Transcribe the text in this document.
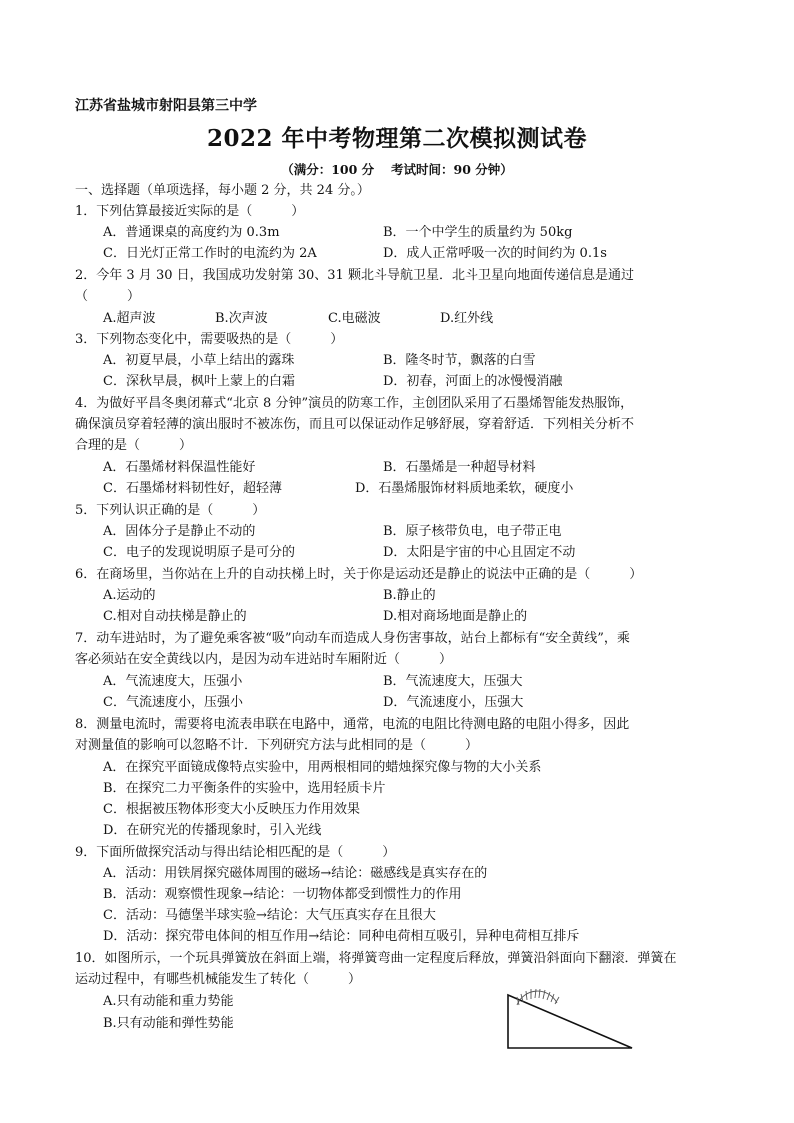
江苏省盐城市射阳县第三中学
2022 年中考物理第二次模拟测试卷
（满分：100 分　 考试时间：90 分钟）
一、选择题（单项选择，每小题 2 分，共 24 分。）
1．下列估算最接近实际的是（　　　）
A．普通课桌的高度约为 0.3m	B．一个中学生的质量约为 50kg
C．日光灯正常工作时的电流约为 2A	D．成人正常呼吸一次的时间约为 0.1s
2．今年 3 月 30 日，我国成功发射第 30、31 颗北斗导航卫星．北斗卫星向地面传递信息是通过
（　　　）
A.超声波	B.次声波	C.电磁波	D.红外线
3．下列物态变化中，需要吸热的是（　　　）
A．初夏早晨，小草上结出的露珠	B．隆冬时节，飘落的白雪
C．深秋早晨，枫叶上蒙上的白霜	D．初春，河面上的冰慢慢消融
4．为做好平昌冬奥闭幕式“北京 8 分钟”演员的防寒工作，主创团队采用了石墨烯智能发热服饰，
确保演员穿着轻薄的演出服时不被冻伤，而且可以保证动作足够舒展，穿着舒适．下列相关分析不
合理的是（　　　）
A．石墨烯材料保温性能好	B．石墨烯是一种超导材料
C．石墨烯材料韧性好，超轻薄	D．石墨烯服饰材料质地柔软，硬度小
5．下列认识正确的是（　　　）
A．固体分子是静止不动的	B．原子核带负电，电子带正电
C．电子的发现说明原子是可分的	D．太阳是宇宙的中心且固定不动
6．在商场里，当你站在上升的自动扶梯上时，关于你是运动还是静止的说法中正确的是（　　　）
A.运动的	B.静止的
C.相对自动扶梯是静止的	D.相对商场地面是静止的
7．动车进站时，为了避免乘客被“吸”向动车而造成人身伤害事故，站台上都标有“安全黄线”，乘
客必须站在安全黄线以内，是因为动车进站时车厢附近（　　　）
A．气流速度大，压强小	B．气流速度大，压强大
C．气流速度小，压强小	D．气流速度小，压强大
8．测量电流时，需要将电流表串联在电路中，通常，电流的电阻比待测电路的电阻小得多，因此
对测量值的影响可以忽略不计．下列研究方法与此相同的是（　　　）
A．在探究平面镜成像特点实验中，用两根相同的蜡烛探究像与物的大小关系
B．在探究二力平衡条件的实验中，选用轻质卡片
C．根据被压物体形变大小反映压力作用效果
D．在研究光的传播现象时，引入光线
9．下面所做探究活动与得出结论相匹配的是（　　　）
A．活动：用铁屑探究磁体周围的磁场→结论：磁感线是真实存在的
B．活动：观察惯性现象→结论：一切物体都受到惯性力的作用
C．活动：马德堡半球实验→结论：大气压真实存在且很大
D．活动：探究带电体间的相互作用→结论：同种电荷相互吸引，异种电荷相互排斥
10．如图所示，一个玩具弹簧放在斜面上端，将弹簧弯曲一定程度后释放，弹簧沿斜面向下翻滚．弹簧在
运动过程中，有哪些机械能发生了转化（　　　）
A.只有动能和重力势能
B.只有动能和弹性势能
